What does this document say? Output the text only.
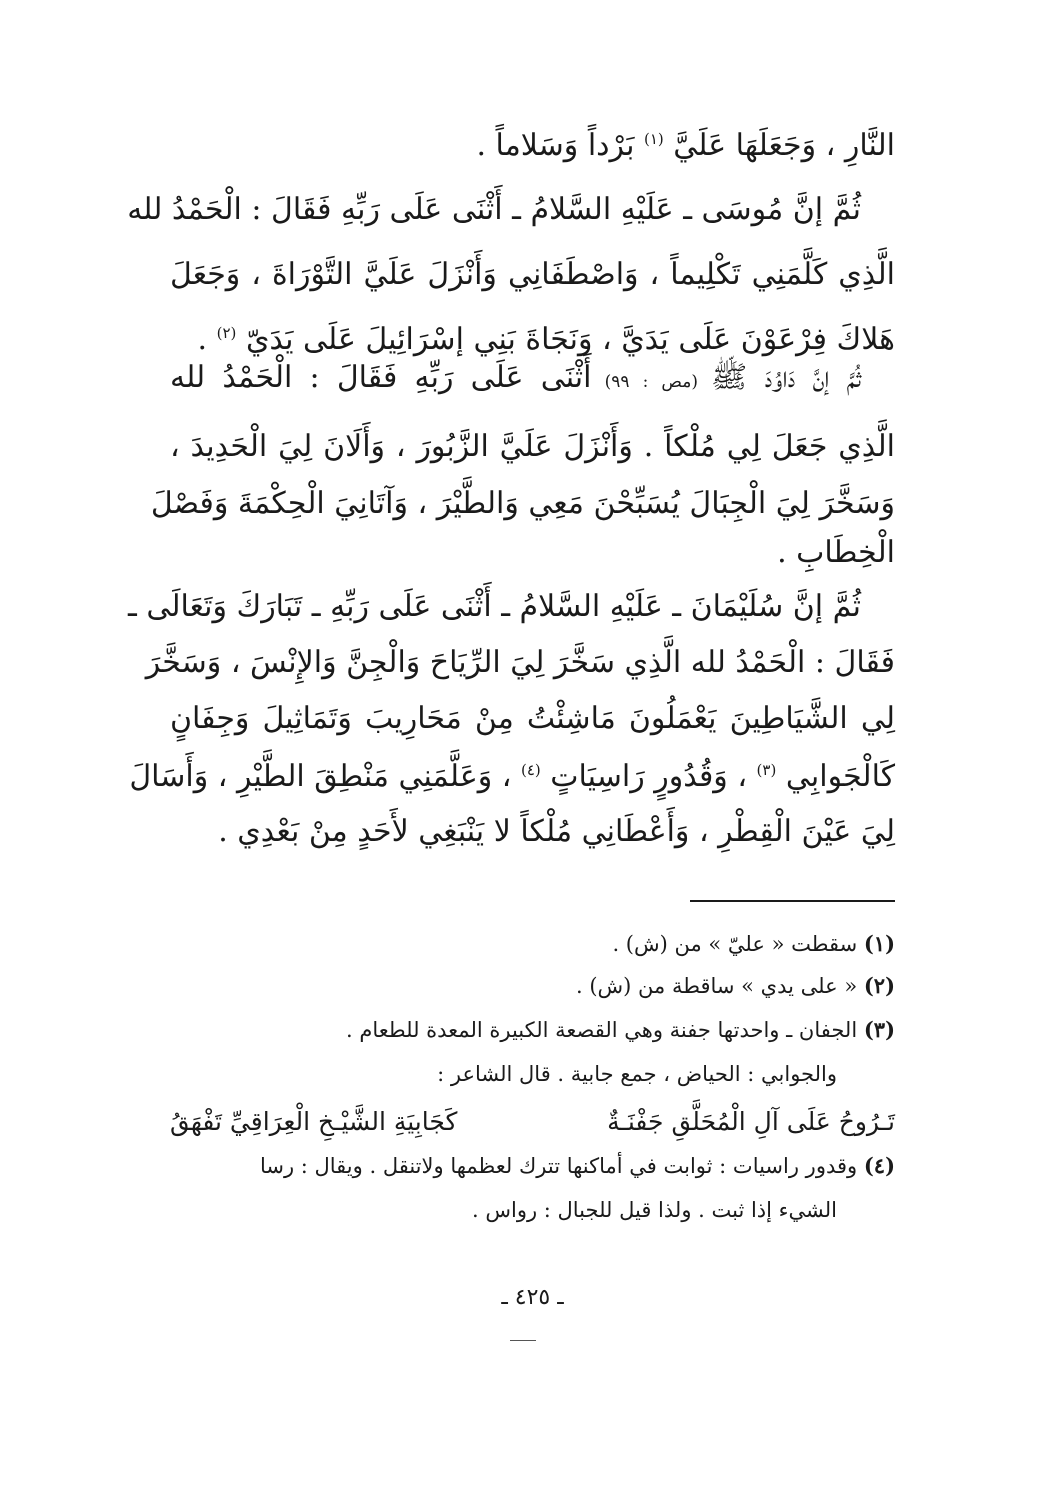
النَّارِ ، وَجَعَلَهَا عَلَيَّ $^{(١)}$ بَرْداً وَسَلاماً .
ثُمَّ إنَّ مُوسَى ـ عَلَيْهِ السَّلامُ ـ أَثْنَى عَلَى رَبِّهِ فَقَالَ : الْحَمْدُ لله
الَّذِي كَلَّمَنِي تَكْلِيماً ، وَاصْطَفَانِي وَأَنْزَلَ عَلَيَّ التَّوْرَاةَ ، وَجَعَلَ
هَلاكَ فِرْعَوْنَ عَلَى يَدَيَّ ، وَنَجَاةَ بَنِي إسْرَائِيلَ عَلَى يَدَيّ $^{(٢)}$ .
ثُمَّ إنَّ دَاوُدَ ﷺ (مص : ٩٩) أَثْنَى عَلَى رَبِّهِ فَقَالَ : الْحَمْدُ لله
الَّذِي جَعَلَ لِي مُلْكاً . وَأَنْزَلَ عَلَيَّ الزَّبُورَ ، وَأَلَانَ لِيَ الْحَدِيدَ ،
وَسَخَّرَ لِيَ الْجِبَالَ يُسَبِّحْنَ مَعِي وَالطَّيْرَ ، وَآتَانِيَ الْحِكْمَةَ وَفَصْلَ
الْخِطَابِ .
ثُمَّ إنَّ سُلَيْمَانَ ـ عَلَيْهِ السَّلامُ ـ أَثْنَى عَلَى رَبِّهِ ـ تَبَارَكَ وَتَعَالَى ـ
فَقَالَ : الْحَمْدُ لله الَّذِي سَخَّرَ لِيَ الرِّيَاحَ وَالْجِنَّ وَالإِنْسَ ، وَسَخَّرَ
لِي الشَّيَاطِينَ يَعْمَلُونَ مَاشِئْتُ مِنْ مَحَارِيبَ وَتَمَاثِيلَ وَجِفَانٍ
كَالْجَوابِي $^{(٣)}$ ، وَقُدُورٍ رَاسِيَاتٍ $^{(٤)}$ ، وَعَلَّمَنِي مَنْطِقَ الطَّيْرِ ، وَأَسَالَ
لِيَ عَيْنَ الْقِطْرِ ، وَأَعْطَانِي مُلْكاً لا يَنْبَغِي لأَحَدٍ مِنْ بَعْدِي .
(١) سقطت « عليّ » من (ش) .
(٢) « على يدي » ساقطة من (ش) .
(٣) الجفان ـ واحدتها جفنة وهي القصعة الكبيرة المعدة للطعام .
والجوابي : الحياض ، جمع جابية . قال الشاعر :
تَـرُوحُ عَلَى آلِ الْمُحَلَّقِ جَفْنَـةٌ
كَجَابِيَةِ الشَّيْـخِ الْعِرَاقِيِّ تَفْهَقُ
(٤) وقدور راسيات : ثوابت في أماكنها تترك لعظمها ولاتنقل . ويقال : رسا
الشيء إذا ثبت . ولذا قيل للجبال : رواس .
ـ ٤٢٥ ـ
